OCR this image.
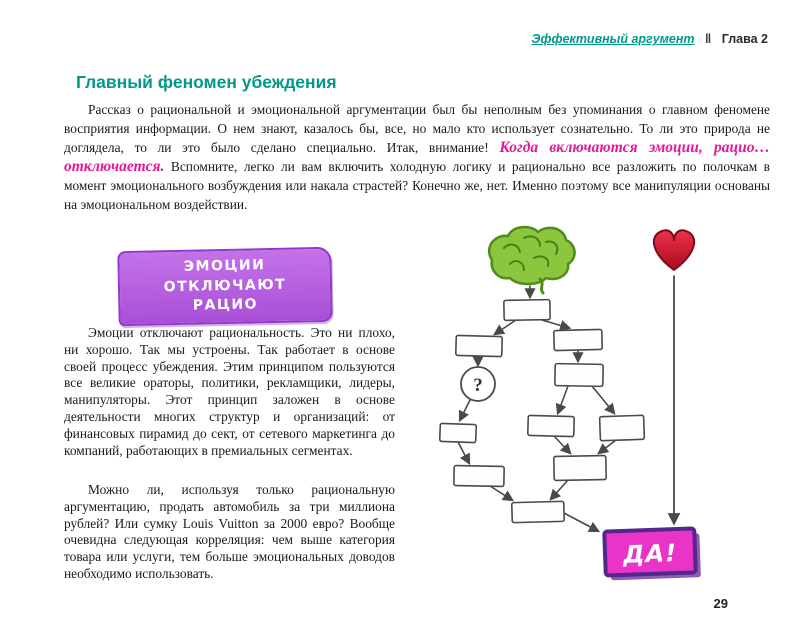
Эффективный аргумент ‖ Глава 2
Главный феномен убеждения

Рассказ о рациональной и эмоциональной аргументации был бы неполным без упоминания о главном феномене восприятия информации. О нем знают, казалось бы, все, но мало кто использует сознательно. То ли это природа не доглядела, то ли это было сделано специально. Итак, внимание! Когда включаются эмоции, рацио… отключается. Вспомните, легко ли вам включить холодную логику и рационально все разложить по полочкам в момент эмоционального возбуждения или накала страстей? Конечно же, нет. Именно поэтому все манипуляции основаны на эмоциональном воздействии.

ЭМОЦИИ ОТКЛЮЧАЮТ РАЦИО

Эмоции отключают рациональность. Это ни плохо, ни хорошо. Так мы устроены. Так работает в основе своей процесс убеждения. Этим принципом пользуются все великие ораторы, политики, рекламщики, лидеры, манипуляторы. Этот принцип заложен в основе деятельности многих структур и организаций: от финансовых пирамид до сект, от сетевого маркетинга до компаний, работающих в премиальных сегментах.

Можно ли, используя только рациональную аргументацию, продать автомобиль за три миллиона рублей? Или сумку Louis Vuitton за 2000 евро? Вообще очевидна следующая корреляция: чем выше категория товара или услуги, тем больше эмоциональных доводов необходимо использовать.

?
ДА!
29
